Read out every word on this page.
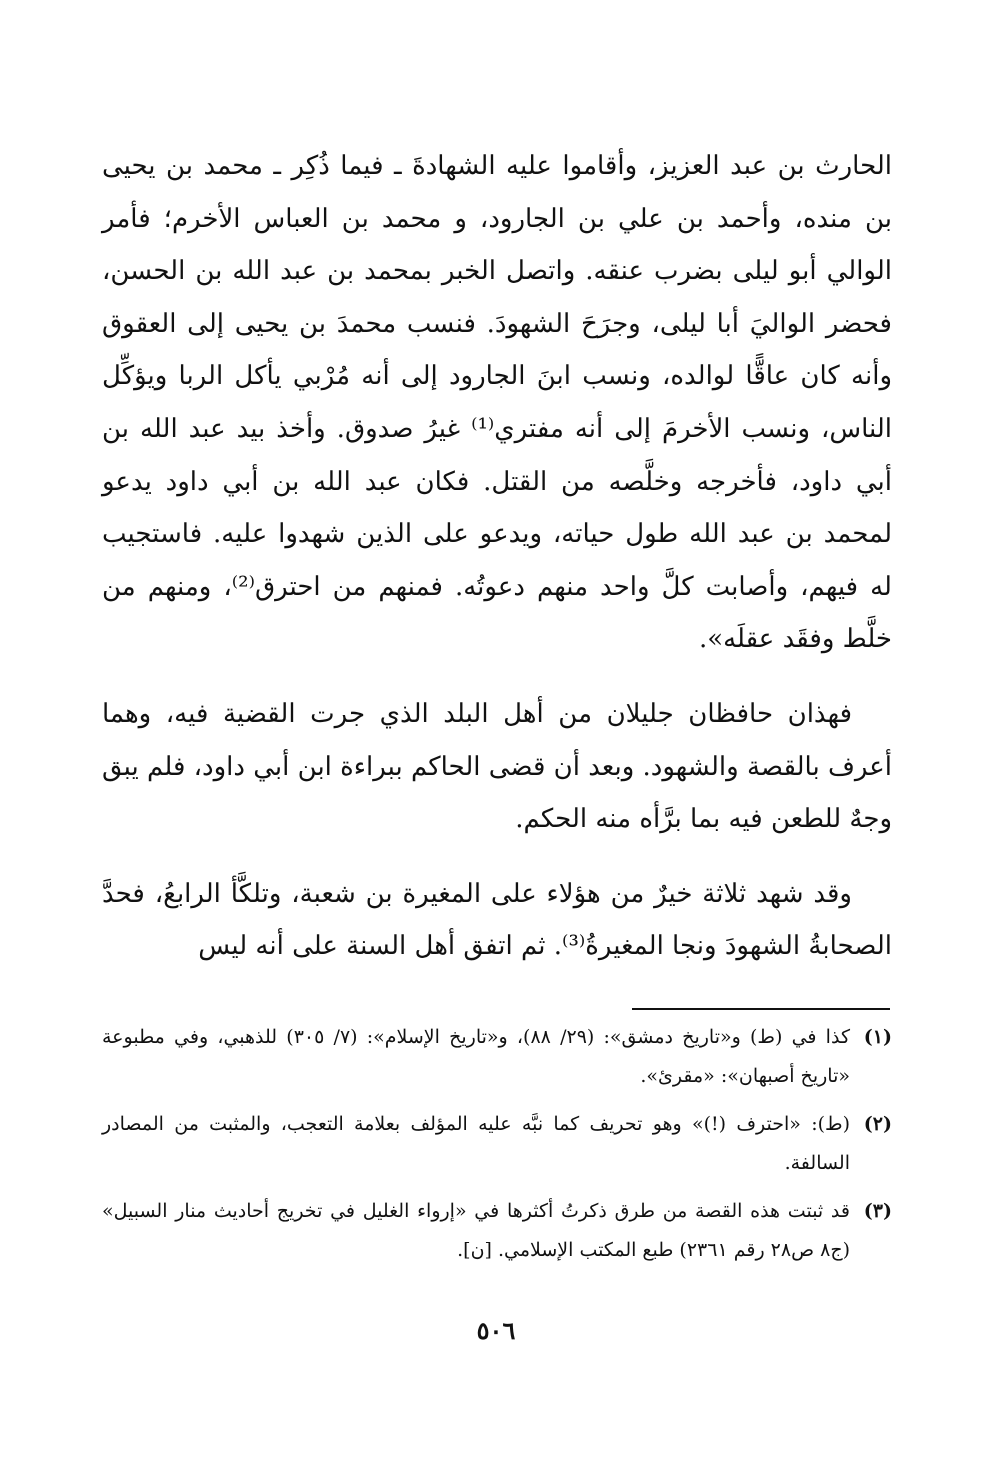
الحارث بن عبد العزيز، وأقاموا عليه الشهادةَ ـ فيما ذُكِر ـ محمد بن يحيى بن منده، وأحمد بن علي بن الجارود، و محمد بن العباس الأخرم؛ فأمر الوالي أبو ليلى بضرب عنقه. واتصل الخبر بمحمد بن عبد الله بن الحسن، فحضر الواليَ أبا ليلى، وجرَحَ الشهودَ. فنسب محمدَ بن يحيى إلى العقوق وأنه كان عاقًّا لوالده، ونسب ابنَ الجارود إلى أنه مُرْبي يأكل الربا ويؤكِّل الناس، ونسب الأخرمَ إلى أنه مفتري⁽¹⁾ غيرُ صدوق. وأخذ بيد عبد الله بن أبي داود، فأخرجه وخلَّصه من القتل. فكان عبد الله بن أبي داود يدعو لمحمد بن عبد الله طول حياته، ويدعو على الذين شهدوا عليه. فاستجيب له فيهم، وأصابت كلَّ واحد منهم دعوتُه. فمنهم من احترق⁽²⁾، ومنهم من خلَّط وفقَد عقلَه».

فهذان حافظان جليلان من أهل البلد الذي جرت القضية فيه، وهما أعرف بالقصة والشهود. وبعد أن قضى الحاكم ببراءة ابن أبي داود، فلم يبق وجهٌ للطعن فيه بما برَّأه منه الحكم.

وقد شهد ثلاثة خيرٌ من هؤلاء على المغيرة بن شعبة، وتلكَّأ الرابعُ، فحدَّ الصحابةُ الشهودَ ونجا المغيرةُ⁽³⁾. ثم اتفق أهل السنة على أنه ليس

(١)
كذا في (ط) و«تاريخ دمشق»: (٢٩/ ٨٨)، و«تاريخ الإسلام»: (٧/ ٣٠٥) للذهبي، وفي مطبوعة «تاريخ أصبهان»: «مقرئ».
(٢)
(ط): «احترف (!)» وهو تحريف كما نبَّه عليه المؤلف بعلامة التعجب، والمثبت من المصادر السالفة.
(٣)
قد ثبتت هذه القصة من طرق ذكرتُ أكثرها في «إرواء الغليل في تخريج أحاديث منار السبيل» (ج٨ ص٢٨ رقم ٢٣٦١) طبع المكتب الإسلامي. [ن].
٥٠٦
